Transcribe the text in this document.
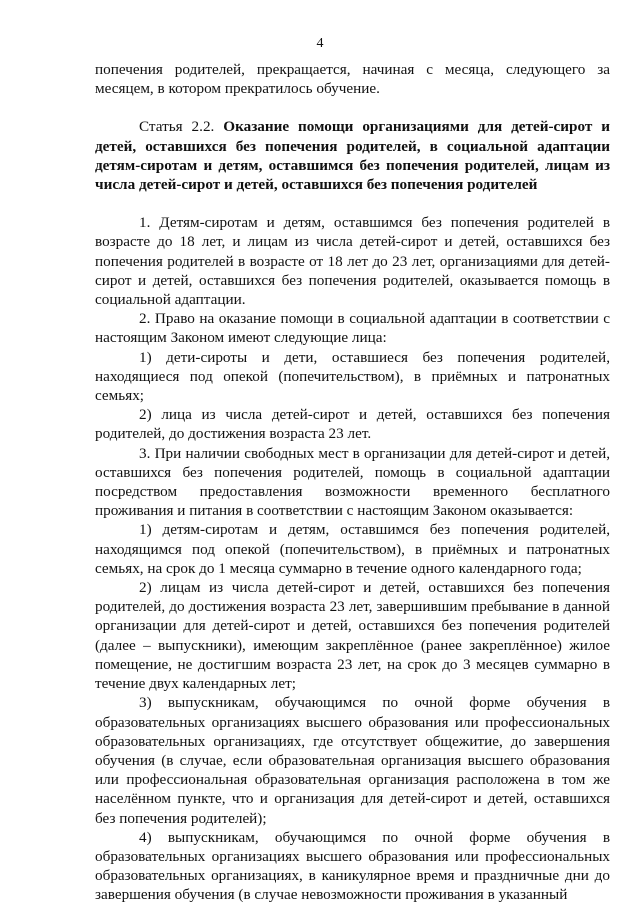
4

попечения родителей, прекращается, начиная с месяца, следующего за месяцем, в котором прекратилось обучение.

Статья 2.2. Оказание помощи организациями для детей-сирот и детей, оставшихся без попечения родителей, в социальной адаптации детям-сиротам и детям, оставшимся без попечения родителей, лицам из числа детей-сирот и детей, оставшихся без попечения родителей

1. Детям-сиротам и детям, оставшимся без попечения родителей в возрасте до 18 лет, и лицам из числа детей-сирот и детей, оставшихся без попечения родителей в возрасте от 18 лет до 23 лет, организациями для детей-сирот и детей, оставшихся без попечения родителей, оказывается помощь в социальной адаптации.

2. Право на оказание помощи в социальной адаптации в соответствии с настоящим Законом имеют следующие лица:

1) дети-сироты и дети, оставшиеся без попечения родителей, находящиеся под опекой (попечительством), в приёмных и патронатных семьях;

2) лица из числа детей-сирот и детей, оставшихся без попечения родителей, до достижения возраста 23 лет.

3. При наличии свободных мест в организации для детей-сирот и детей, оставшихся без попечения родителей, помощь в социальной адаптации посредством предоставления возможности временного бесплатного проживания и питания в соответствии с настоящим Законом оказывается:

1) детям-сиротам и детям, оставшимся без попечения родителей, находящимся под опекой (попечительством), в приёмных и патронатных семьях, на срок до 1 месяца суммарно в течение одного календарного года;

2) лицам из числа детей-сирот и детей, оставшихся без попечения родителей, до достижения возраста 23 лет, завершившим пребывание в данной организации для детей-сирот и детей, оставшихся без попечения родителей (далее – выпускники), имеющим закреплённое (ранее закреплённое) жилое помещение, не достигшим возраста 23 лет, на срок до 3 месяцев суммарно в течение двух календарных лет;

3) выпускникам, обучающимся по очной форме обучения в образовательных организациях высшего образования или профессиональных образовательных организациях, где отсутствует общежитие, до завершения обучения (в случае, если образовательная организация высшего образования или профессиональная образовательная организация расположена в том же населённом пункте, что и организация для детей-сирот и детей, оставшихся без попечения родителей);

4) выпускникам, обучающимся по очной форме обучения в образовательных организациях высшего образования или профессиональных образовательных организациях, в каникулярное время и праздничные дни до завершения обучения (в случае невозможности проживания в указанный
